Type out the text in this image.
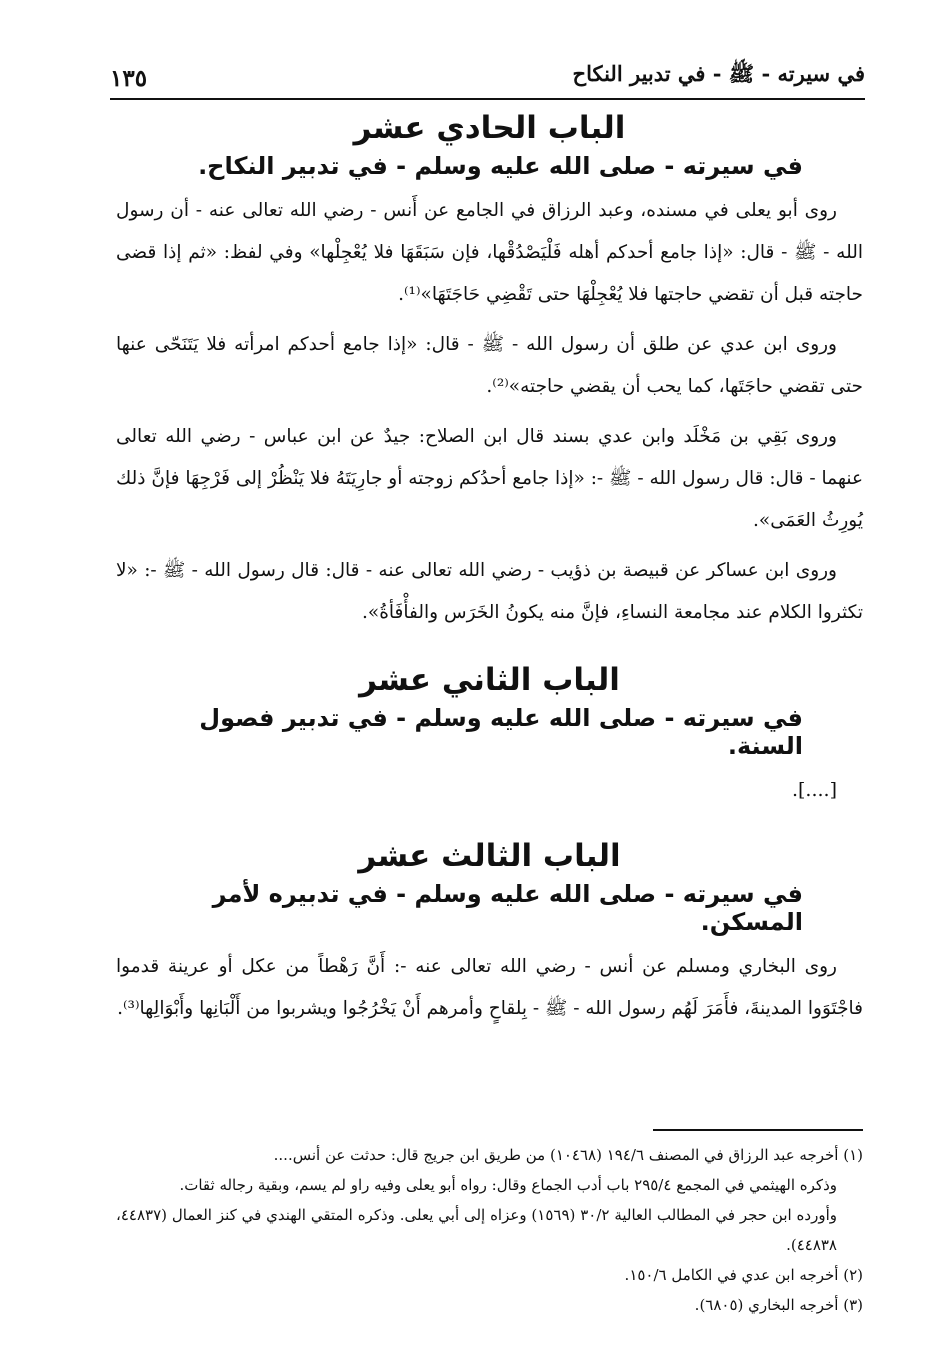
في سيرته - ﷺ - في تدبير النكاح
١٣٥
الباب الحادي عشر
في سيرته - صلى الله عليه وسلم - في تدبير النكاح.

روى أبو يعلى في مسنده، وعبد الرزاق في الجامع عن أَنس - رضي الله تعالى عنه - أن رسول الله - ﷺ - قال: «إذا جامع أحدكم أهله فَلْيَصْدُقْها، فإن سَبَقَهَا فلا يُعْجِلْها» وفي لفظ: «ثم إذا قضى حاجته قبل أن تقضي حاجتها فلا يُعْجِلْهَا حتى تَقْضِي حَاجَتَهَا»⁽¹⁾.

وروى ابن عدي عن طلق أن رسول الله - ﷺ - قال: «إذا جامع أحدكم امرأته فلا يَتَنَحّى عنها حتى تقضي حاجَتَها، كما يحب أن يقضي حاجته»⁽²⁾.

وروى بَقِي بن مَخْلَد وابن عدي بسند قال ابن الصلاح: جيدٌ عن ابن عباس - رضي الله تعالى عنهما - قال: قال رسول الله - ﷺ -: «إذا جامع أحدُكم زوجته أو جارِيَتَهُ فلا يَنْظُرْ إلى فَرْجِهَا فإنَّ ذلك يُورِثُ العَمَى».

وروى ابن عساكر عن قبيصة بن ذؤيب - رضي الله تعالى عنه - قال: قال رسول الله - ﷺ -: «لا تكثروا الكلام عند مجامعة النساءِ، فإنَّ منه يكونُ الخَرَس والفأْفَأةُ».

الباب الثاني عشر
في سيرته - صلى الله عليه وسلم - في تدبير فصول السنة.
[....].
الباب الثالث عشر
في سيرته - صلى الله عليه وسلم - في تدبيره لأمر المسكن.

روى البخاري ومسلم عن أنس - رضي الله تعالى عنه -: أَنَّ رَهْطاً من عكل أو عرينة قدموا فاجْتَوَوا المدينةَ، فأَمَرَ لَهُم رسول الله - ﷺ - بِلقاحٍ وأمرهم أَنْ يَخْرُجُوا ويشربوا من أَلْبَانِها وأَبْوَالِها⁽³⁾.

(١) أخرجه عبد الرزاق في المصنف ١٩٤/٦ (١٠٤٦٨) من طريق ابن جريج قال: حدثت عن أنس....

وذكره الهيثمي في المجمع ٢٩٥/٤ باب أدب الجماع وقال: رواه أبو يعلى وفيه راو لم يسم، وبقية رجاله ثقات.

وأورده ابن حجر في المطالب العالية ٣٠/٢ (١٥٦٩) وعزاه إلى أبي يعلى. وذكره المتقي الهندي في كنز العمال (٤٤٨٣٧، ٤٤٨٣٨).

(٢) أخرجه ابن عدي في الكامل ١٥٠/٦.

(٣) أخرجه البخاري (٦٨٠٥).
